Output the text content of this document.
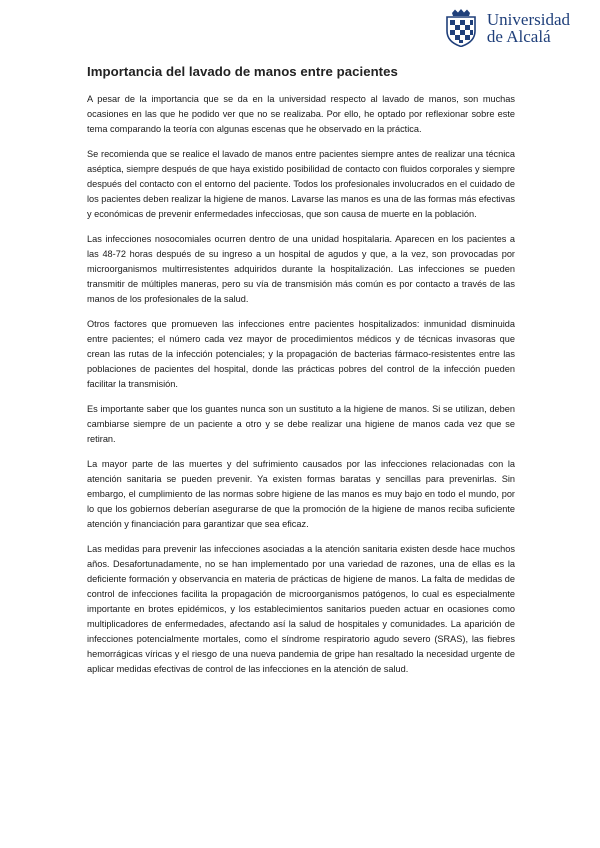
Universidad
de Alcalá
Importancia del lavado de manos entre pacientes

A pesar de la importancia que se da en la universidad respecto al lavado de manos, son muchas ocasiones en las que he podido ver que no se realizaba. Por ello, he optado por reflexionar sobre este tema comparando la teoría con algunas escenas que he observado en la práctica.

Se recomienda que se realice el lavado de manos entre pacientes siempre antes de realizar una técnica aséptica, siempre después de que haya existido posibilidad de contacto con fluidos corporales y siempre después del contacto con el entorno del paciente. Todos los profesionales involucrados en el cuidado de los pacientes deben realizar la higiene de manos. Lavarse las manos es una de las formas más efectivas y económicas de prevenir enfermedades infecciosas, que son causa de muerte en la población.

Las infecciones nosocomiales ocurren dentro de una unidad hospitalaria. Aparecen en los pacientes a las 48-72 horas después de su ingreso a un hospital de agudos y que, a la vez, son provocadas por microorganismos multirresistentes adquiridos durante la hospitalización. Las infecciones se pueden transmitir de múltiples maneras, pero su vía de transmisión más común es por contacto a través de las manos de los profesionales de la salud.

Otros factores que promueven las infecciones entre pacientes hospitalizados: inmunidad disminuida entre pacientes; el número cada vez mayor de procedimientos médicos y de técnicas invasoras que crean las rutas de la infección potenciales; y la propagación de bacterias fármaco-resistentes entre las poblaciones de pacientes del hospital, donde las prácticas pobres del control de la infección pueden facilitar la transmisión.

Es importante saber que los guantes nunca son un sustituto a la higiene de manos. Si se utilizan, deben cambiarse siempre de un paciente a otro y se debe realizar una higiene de manos cada vez que se retiran.

La mayor parte de las muertes y del sufrimiento causados por las infecciones relacionadas con la atención sanitaria se pueden prevenir. Ya existen formas baratas y sencillas para prevenirlas. Sin embargo, el cumplimiento de las normas sobre higiene de las manos es muy bajo en todo el mundo, por lo que los gobiernos deberían asegurarse de que la promoción de la higiene de manos reciba suficiente atención y financiación para garantizar que sea eficaz.

Las medidas para prevenir las infecciones asociadas a la atención sanitaria existen desde hace muchos años. Desafortunadamente, no se han implementado por una variedad de razones, una de ellas es la deficiente formación y observancia en materia de prácticas de higiene de manos. La falta de medidas de control de infecciones facilita la propagación de microorganismos patógenos, lo cual es especialmente importante en brotes epidémicos, y los establecimientos sanitarios pueden actuar en ocasiones como multiplicadores de enfermedades, afectando así la salud de hospitales y comunidades. La aparición de infecciones potencialmente mortales, como el síndrome respiratorio agudo severo (SRAS), las fiebres hemorrágicas víricas y el riesgo de una nueva pandemia de gripe han resaltado la necesidad urgente de aplicar medidas efectivas de control de las infecciones en la atención de salud.
